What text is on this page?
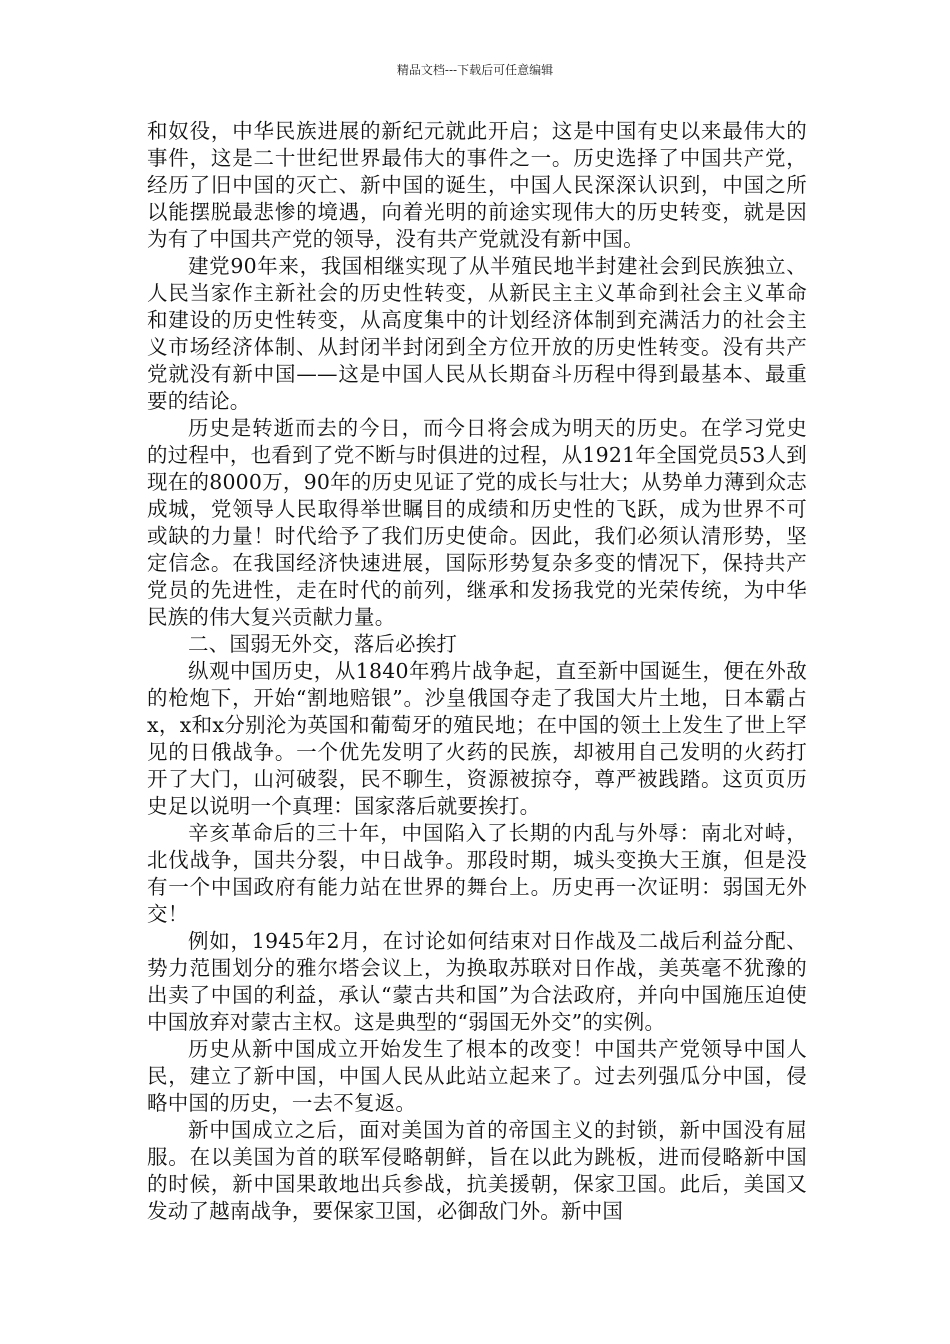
精品文档---下载后可任意编辑

和奴役，中华民族进展的新纪元就此开启；这是中国有史以来最伟大的事件，这是二十世纪世界最伟大的事件之一。历史选择了中国共产党，经历了旧中国的灭亡、新中国的诞生，中国人民深深认识到，中国之所以能摆脱最悲惨的境遇，向着光明的前途实现伟大的历史转变，就是因为有了中国共产党的领导，没有共产党就没有新中国。

建党90年来，我国相继实现了从半殖民地半封建社会到民族独立、人民当家作主新社会的历史性转变，从新民主主义革命到社会主义革命和建设的历史性转变，从高度集中的计划经济体制到充满活力的社会主义市场经济体制、从封闭半封闭到全方位开放的历史性转变。没有共产党就没有新中国——这是中国人民从长期奋斗历程中得到最基本、最重要的结论。

历史是转逝而去的今日，而今日将会成为明天的历史。在学习党史的过程中，也看到了党不断与时俱进的过程，从1921年全国党员53人到现在的8000万，90年的历史见证了党的成长与壮大；从势单力薄到众志成城，党领导人民取得举世瞩目的成绩和历史性的飞跃，成为世界不可或缺的力量！时代给予了我们历史使命。因此，我们必须认清形势，坚定信念。在我国经济快速进展，国际形势复杂多变的情况下，保持共产党员的先进性，走在时代的前列，继承和发扬我党的光荣传统，为中华民族的伟大复兴贡献力量。

二、国弱无外交，落后必挨打

纵观中国历史，从1840年鸦片战争起，直至新中国诞生，便在外敌的枪炮下，开始“割地赔银”。沙皇俄国夺走了我国大片土地，日本霸占x，x和x分别沦为英国和葡萄牙的殖民地；在中国的领土上发生了世上罕见的日俄战争。一个优先发明了火药的民族，却被用自己发明的火药打开了大门，山河破裂，民不聊生，资源被掠夺，尊严被践踏。这页页历史足以说明一个真理：国家落后就要挨打。

辛亥革命后的三十年，中国陷入了长期的内乱与外辱：南北对峙，北伐战争，国共分裂，中日战争。那段时期，城头变换大王旗，但是没有一个中国政府有能力站在世界的舞台上。历史再一次证明：弱国无外交！

例如，1945年2月，在讨论如何结束对日作战及二战后利益分配、势力范围划分的雅尔塔会议上，为换取苏联对日作战，美英毫不犹豫的出卖了中国的利益，承认“蒙古共和国”为合法政府，并向中国施压迫使中国放弃对蒙古主权。这是典型的“弱国无外交”的实例。

历史从新中国成立开始发生了根本的改变！中国共产党领导中国人民，建立了新中国，中国人民从此站立起来了。过去列强瓜分中国，侵略中国的历史，一去不复返。

新中国成立之后，面对美国为首的帝国主义的封锁，新中国没有屈服。在以美国为首的联军侵略朝鲜，旨在以此为跳板，进而侵略新中国的时候，新中国果敢地出兵参战，抗美援朝，保家卫国。此后，美国又发动了越南战争，要保家卫国，必御敌门外。新中国
